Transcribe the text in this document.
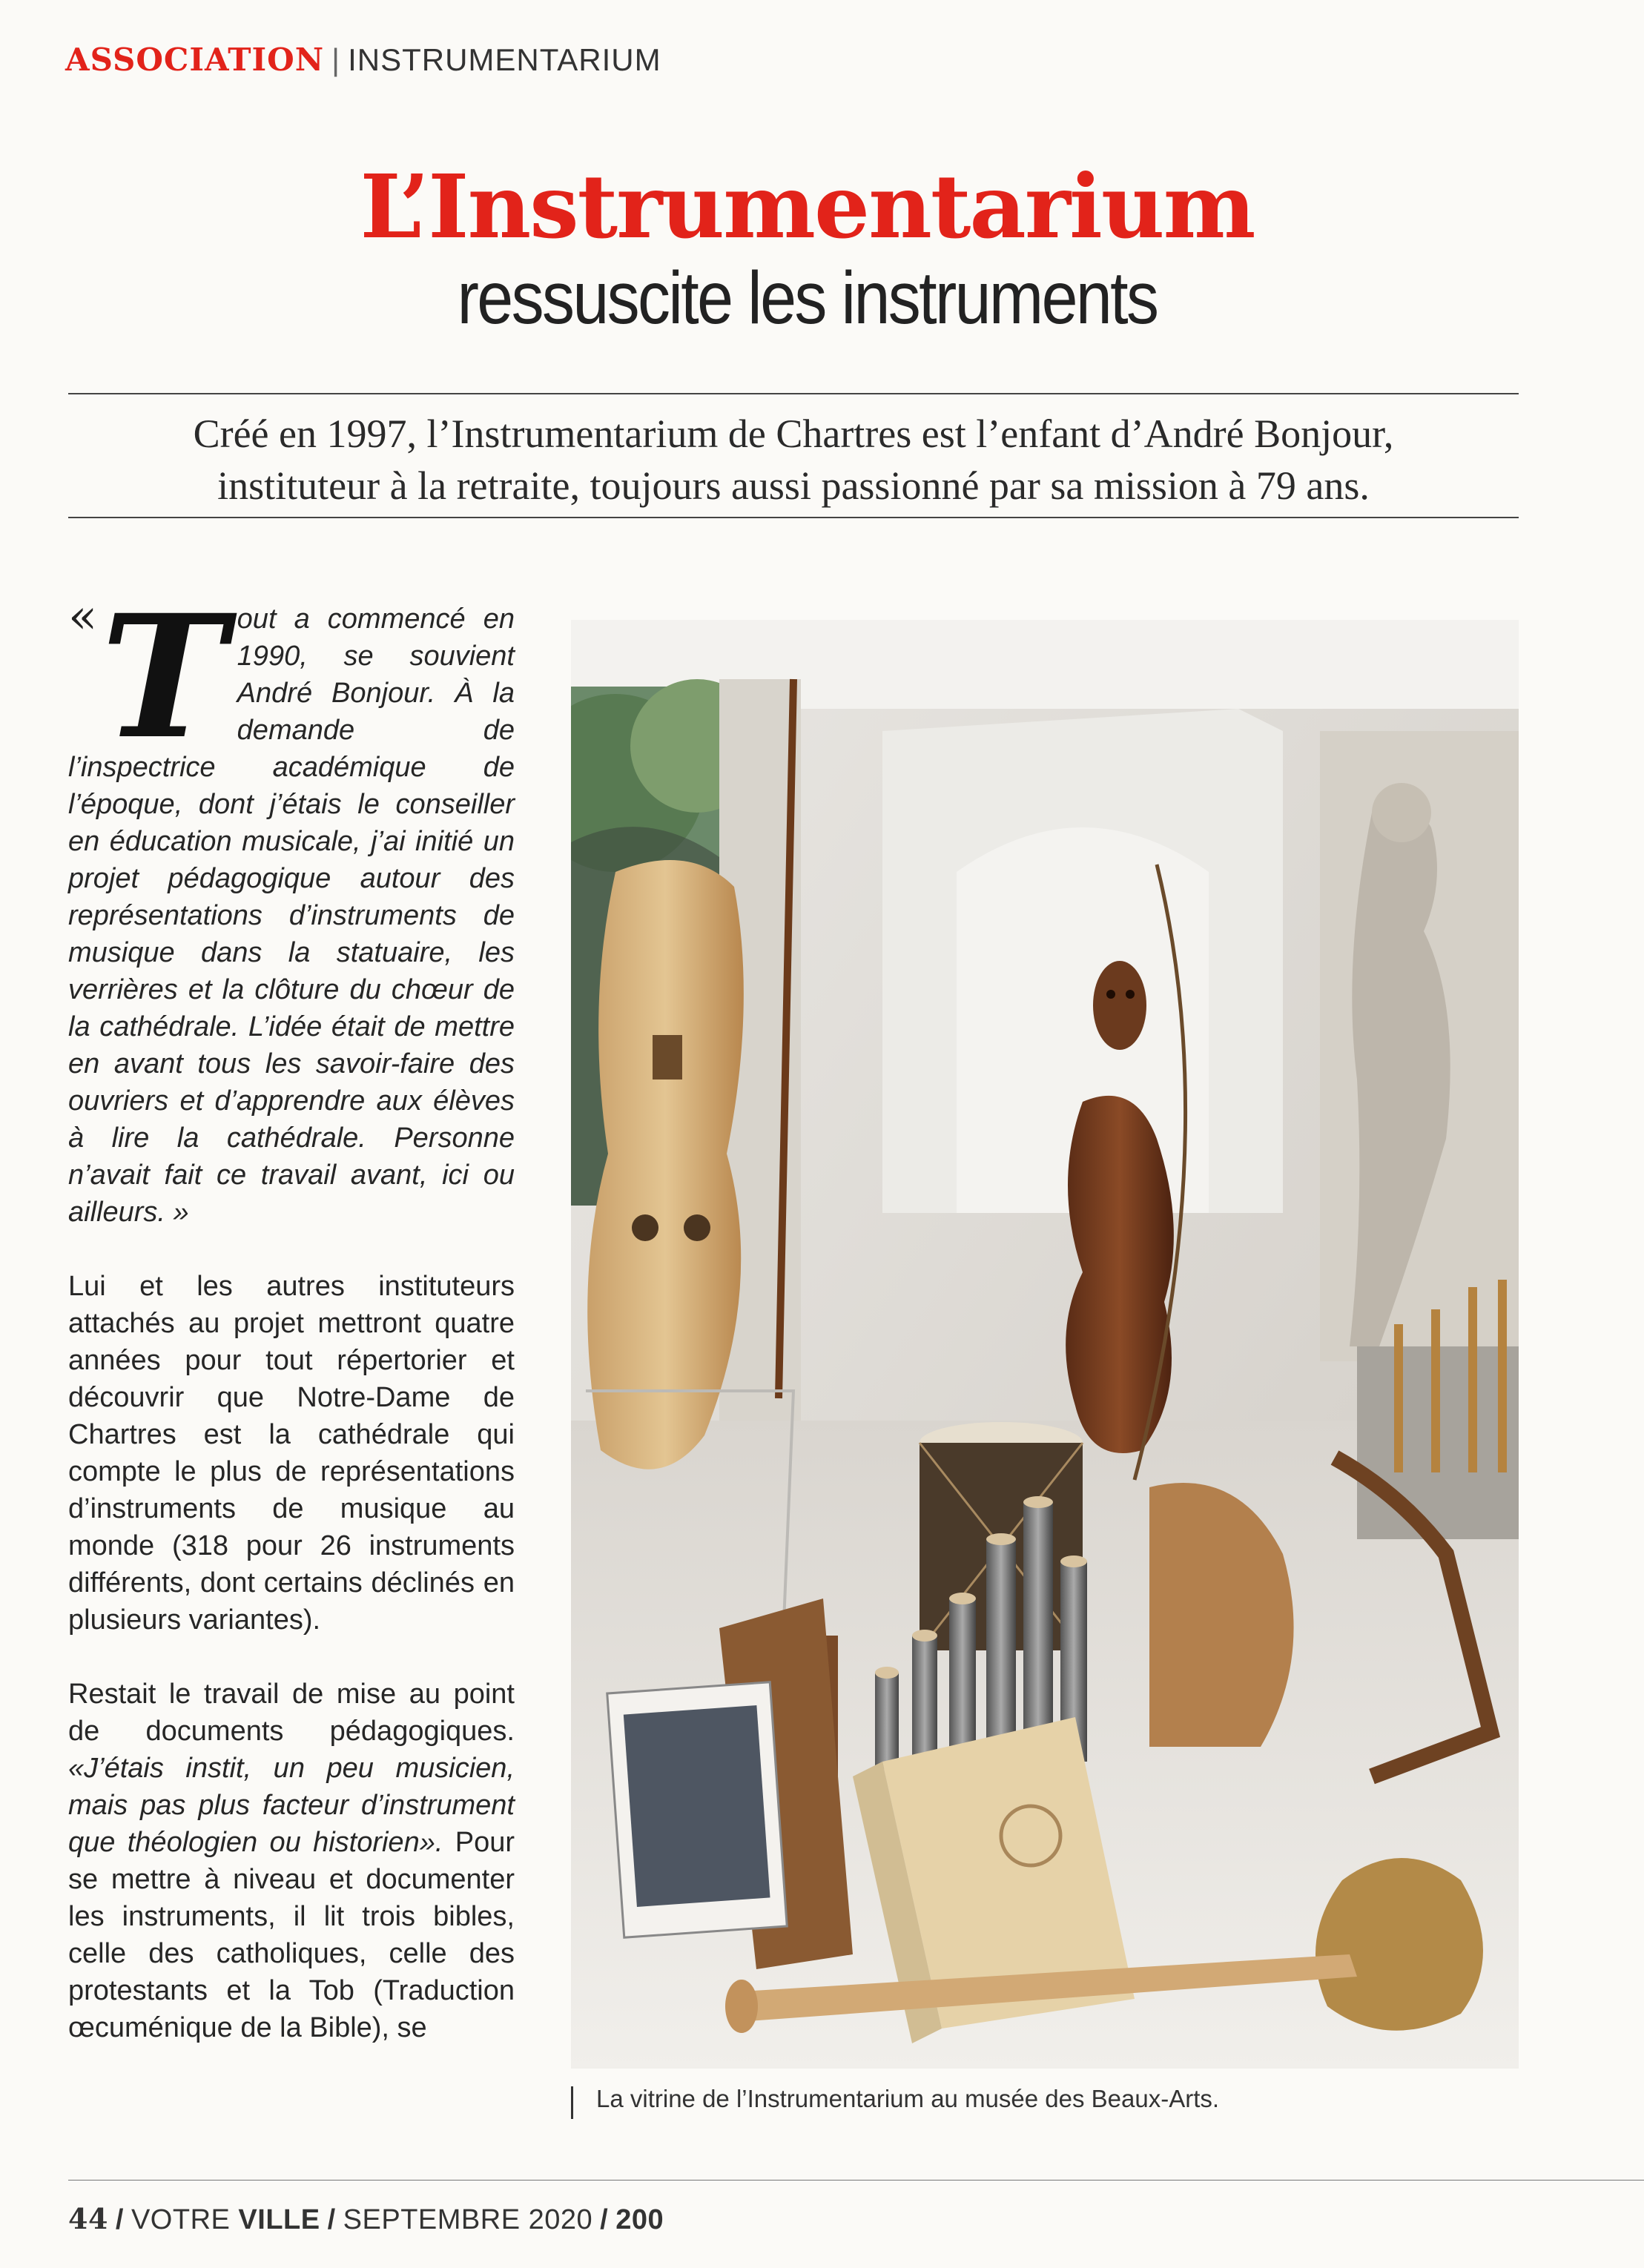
ASSOCIATION | INSTRUMENTARIUM
L’Instrumentarium
ressuscite les instruments
Créé en 1997, l’Instrumentarium de Chartres est l’enfant d’André Bonjour,
instituteur à la retraite, toujours aussi passionné par sa mission à 79 ans.
« Tout a commencé en 1990, se souvient André Bonjour. À la demande de l’inspectrice académique de l’époque, dont j’étais le conseiller en éducation musicale, j’ai initié un projet pédagogique autour des représentations d’instruments de musique dans la statuaire, les verrières et la clôture du chœur de la cathédrale. L’idée était de mettre en avant tous les savoir-faire des ouvriers et d’apprendre aux élèves à lire la cathédrale. Personne n’avait fait ce travail avant, ici ou ailleurs. »

Lui et les autres instituteurs attachés au projet mettront quatre années pour tout répertorier et découvrir que Notre-Dame de Chartres est la cathédrale qui compte le plus de représentations d’instruments de musique au monde (318 pour 26 instruments différents, dont certains déclinés en plusieurs variantes).

Restait le travail de mise au point de documents pédagogiques. «J’étais instit, un peu musicien, mais pas plus facteur d’instrument que théologien ou historien». Pour se mettre à niveau et documenter les instruments, il lit trois bibles, celle des catholiques, celle des protestants et la Tob (Traduction œcuménique de la Bible), se

La vitrine de l’Instrumentarium au musée des Beaux-Arts.
44 / VOTRE VILLE / SEPTEMBRE 2020 / 200
